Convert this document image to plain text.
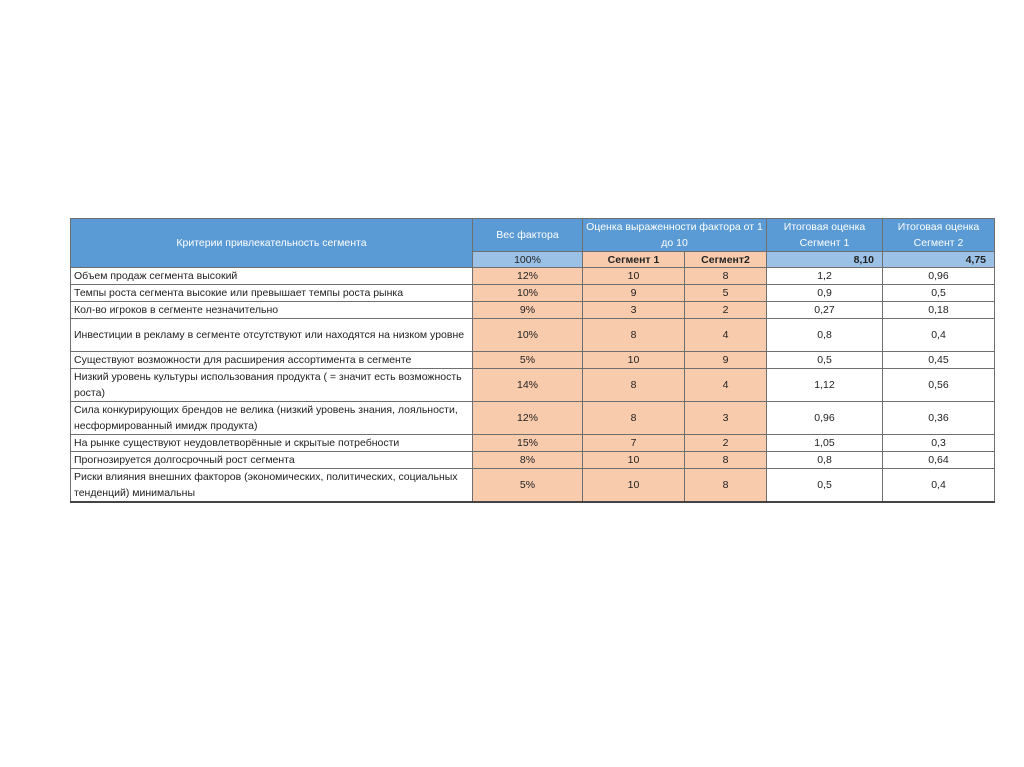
Критерии привлекательность сегмента	Вес фактора	Оценка выраженности фактора от 1 до 10		Итоговая оценка Сегмент 1	Итоговая оценка Сегмент 2
	100%	Сегмент 1	Сегмент2	8,10	4,75
Объем продаж сегмента высокий	12%	10	8	1,2	0,96
Темпы роста сегмента высокие или превышает темпы роста рынка	10%	9	5	0,9	0,5
Кол-во игроков в сегменте незначительно	9%	3	2	0,27	0,18
Инвестиции в рекламу в сегменте отсутствуют или находятся на низком уровне	10%	8	4	0,8	0,4
Существуют возможности для расширения ассортимента в сегменте	5%	10	9	0,5	0,45
Низкий уровень культуры использования продукта ( = значит есть возможность роста)	14%	8	4	1,12	0,56
Сила конкурирующих брендов не велика (низкий уровень знания, лояльности, несформированный имидж продукта)	12%	8	3	0,96	0,36
На рынке существуют неудовлетворённые и скрытые потребности	15%	7	2	1,05	0,3
Прогнозируется долгосрочный рост сегмента	8%	10	8	0,8	0,64
Риски влияния внешних факторов (экономических, политических, социальных тенденций) минимальны	5%	10	8	0,5	0,4
